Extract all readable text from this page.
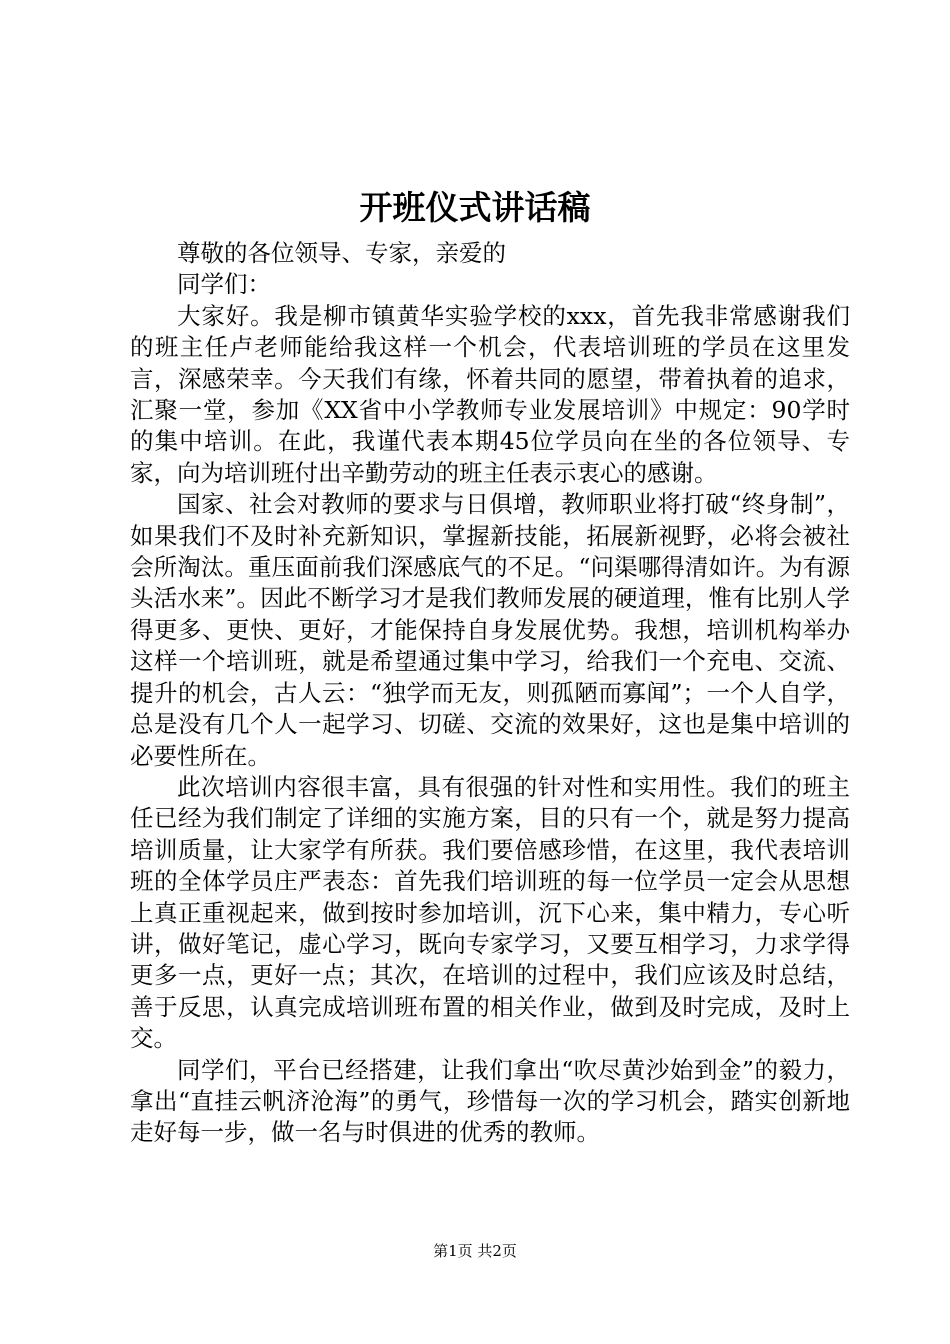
开班仪式讲话稿

尊敬的各位领导、专家，亲爱的

同学们：

大家好。我是柳市镇黄华实验学校的xxx，首先我非常感谢我们的班主任卢老师能给我这样一个机会，代表培训班的学员在这里发言，深感荣幸。今天我们有缘，怀着共同的愿望，带着执着的追求，汇聚一堂，参加《XX省中小学教师专业发展培训》中规定：90学时的集中培训。在此，我谨代表本期45位学员向在坐的各位领导、专家，向为培训班付出辛勤劳动的班主任表示衷心的感谢。

国家、社会对教师的要求与日俱增，教师职业将打破“终身制”，如果我们不及时补充新知识，掌握新技能，拓展新视野，必将会被社会所淘汰。重压面前我们深感底气的不足。“问渠哪得清如许。为有源头活水来”。因此不断学习才是我们教师发展的硬道理，惟有比别人学得更多、更快、更好，才能保持自身发展优势。我想，培训机构举办这样一个培训班，就是希望通过集中学习，给我们一个充电、交流、提升的机会，古人云：“独学而无友，则孤陋而寡闻”；一个人自学，总是没有几个人一起学习、切磋、交流的效果好，这也是集中培训的必要性所在。

此次培训内容很丰富，具有很强的针对性和实用性。我们的班主任已经为我们制定了详细的实施方案，目的只有一个，就是努力提高培训质量，让大家学有所获。我们要倍感珍惜，在这里，我代表培训班的全体学员庄严表态：首先我们培训班的每一位学员一定会从思想上真正重视起来，做到按时参加培训，沉下心来，集中精力，专心听讲，做好笔记，虚心学习，既向专家学习，又要互相学习，力求学得更多一点，更好一点；其次，在培训的过程中，我们应该及时总结，善于反思，认真完成培训班布置的相关作业，做到及时完成，及时上交。

同学们，平台已经搭建，让我们拿出“吹尽黄沙始到金”的毅力，拿出“直挂云帆济沧海”的勇气，珍惜每一次的学习机会，踏实创新地走好每一步，做一名与时俱进的优秀的教师。

第1页 共2页
